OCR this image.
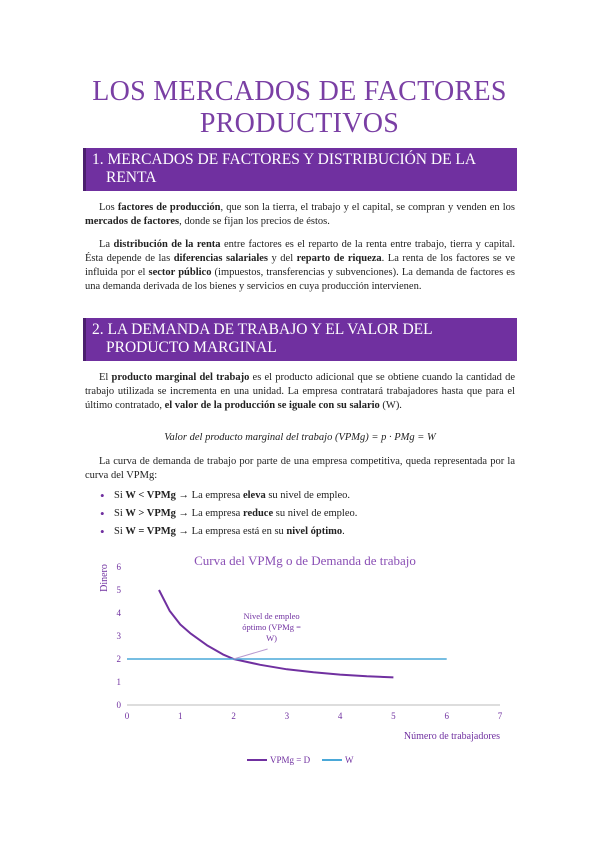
LOS MERCADOS DE FACTORES
PRODUCTIVOS
1. MERCADOS DE FACTORES Y DISTRIBUCIÓN DE LA
RENTA
Los factores de producción, que son la tierra, el trabajo y el capital, se compran y venden en los mercados de factores, donde se fijan los precios de éstos.
La distribución de la renta entre factores es el reparto de la renta entre trabajo, tierra y capital. Ésta depende de las diferencias salariales y del reparto de riqueza. La renta de los factores se ve influida por el sector público (impuestos, transferencias y subvenciones). La demanda de factores es una demanda derivada de los bienes y servicios en cuya producción intervienen.
2. LA DEMANDA DE TRABAJO Y EL VALOR DEL
PRODUCTO MARGINAL
El producto marginal del trabajo es el producto adicional que se obtiene cuando la cantidad de trabajo utilizada se incrementa en una unidad. La empresa contratará trabajadores hasta que para el último contratado, el valor de la producción se iguale con su salario (W).
Valor del producto marginal del trabajo (VPMg) = p · PMg = W
La curva de demanda de trabajo por parte de una empresa competitiva, queda representada por la curva del VPMg:
• Si W < VPMg → La empresa eleva su nivel de empleo.
• Si W > VPMg → La empresa reduce su nivel de empleo.
• Si W = VPMg → La empresa está en su nivel óptimo.
Curva del VPMg o de Demanda de trabajo
Dinero
Número de trabajadores
0	1	2	3	4	5	6	7
0
1
2
3
4
5
6
Nivel de empleo
óptimo (VPMg =
W)
VPMg = D	W
